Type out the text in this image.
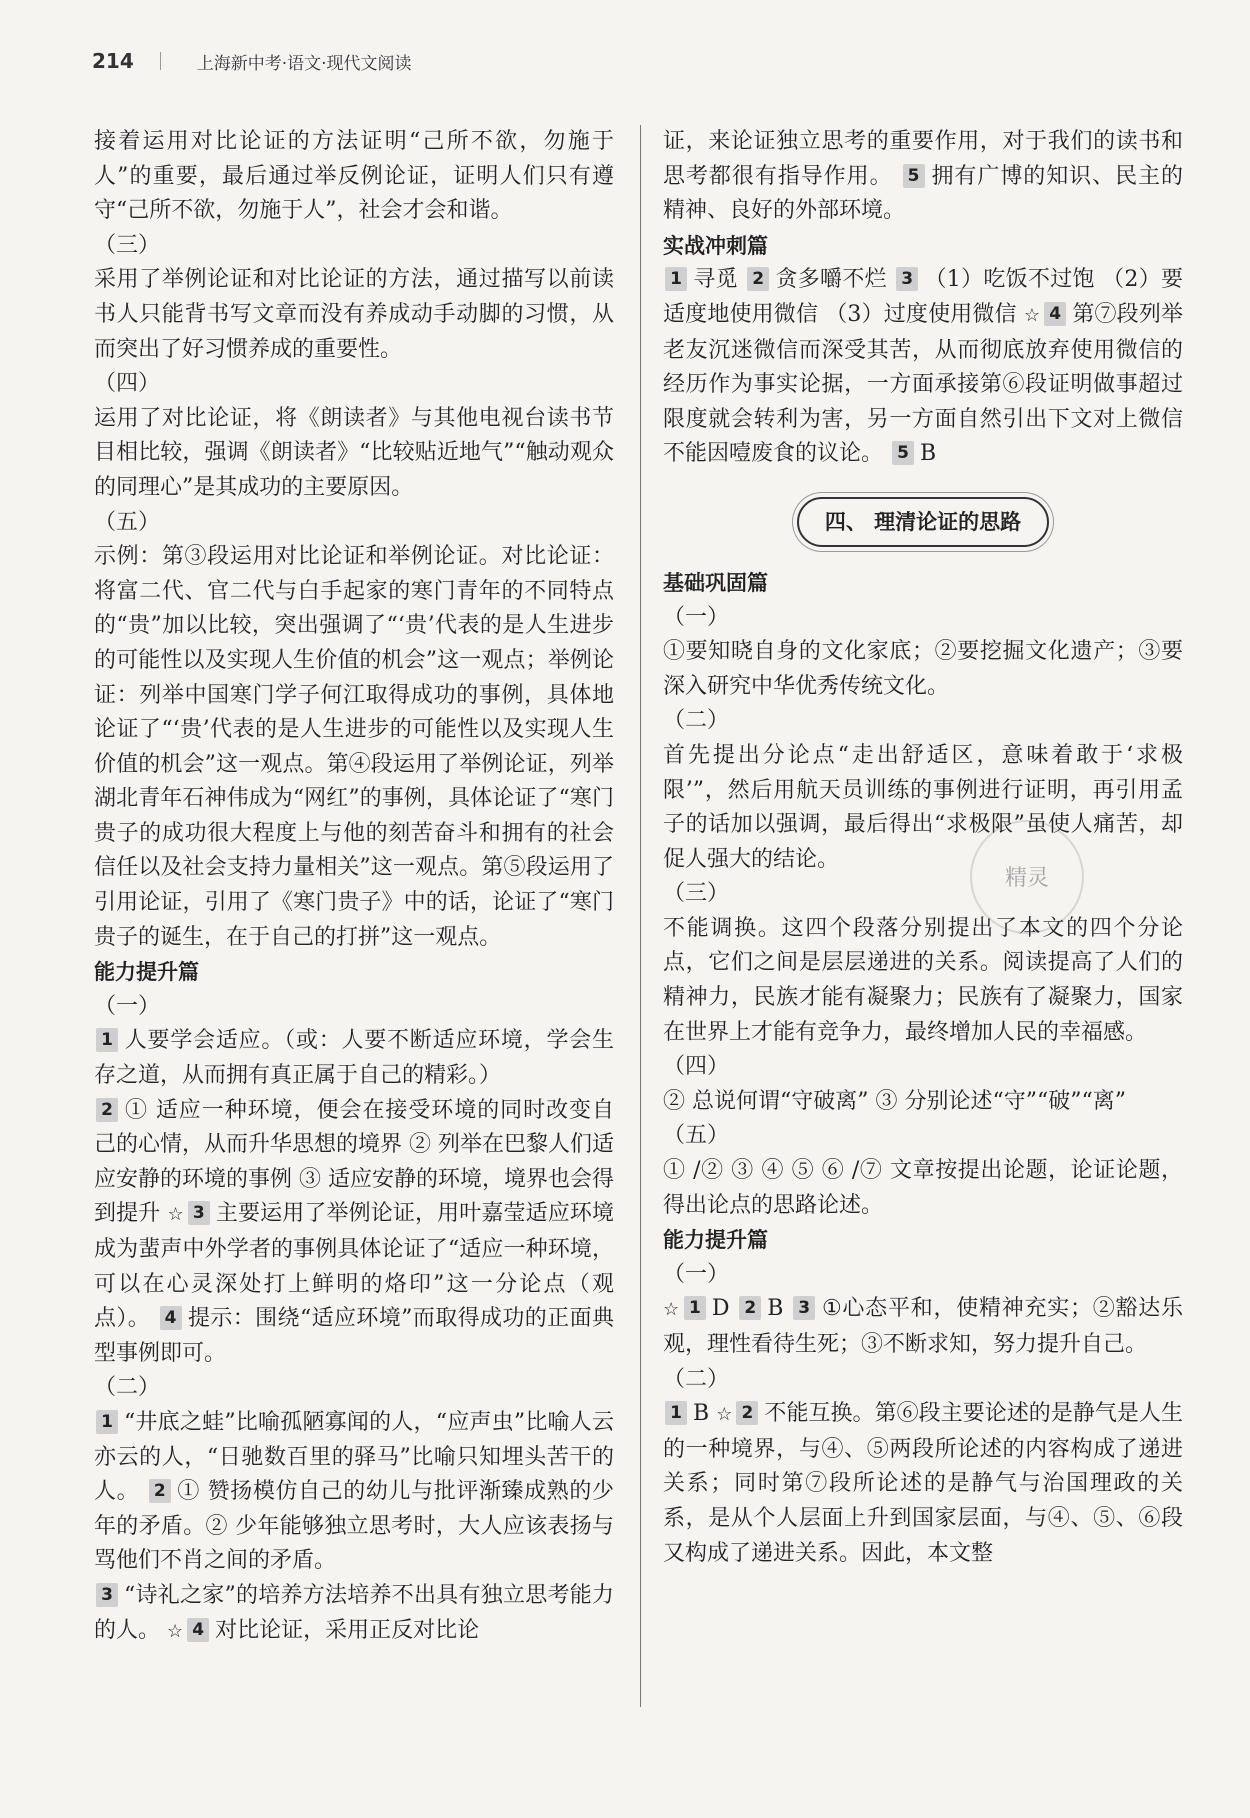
214	上海新中考·语文·现代文阅读

接着运用对比论证的方法证明“己所不欲，勿施于人”的重要，最后通过举反例论证，证明人们只有遵守“己所不欲，勿施于人”，社会才会和谐。

（三）

采用了举例论证和对比论证的方法，通过描写以前读书人只能背书写文章而没有养成动手动脚的习惯，从而突出了好习惯养成的重要性。

（四）

运用了对比论证，将《朗读者》与其他电视台读书节目相比较，强调《朗读者》“比较贴近地气”“触动观众的同理心”是其成功的主要原因。

（五）

示例：第③段运用对比论证和举例论证。对比论证：将富二代、官二代与白手起家的寒门青年的不同特点的“贵”加以比较，突出强调了“‘贵’代表的是人生进步的可能性以及实现人生价值的机会”这一观点；举例论证：列举中国寒门学子何江取得成功的事例，具体地论证了“‘贵’代表的是人生进步的可能性以及实现人生价值的机会”这一观点。第④段运用了举例论证，列举湖北青年石神伟成为“网红”的事例，具体论证了“寒门贵子的成功很大程度上与他的刻苦奋斗和拥有的社会信任以及社会支持力量相关”这一观点。第⑤段运用了引用论证，引用了《寒门贵子》中的话，论证了“寒门贵子的诞生，在于自己的打拼”这一观点。

能力提升篇

（一）

1 人要学会适应。（或：人要不断适应环境，学会生存之道，从而拥有真正属于自己的精彩。）

2 ① 适应一种环境，便会在接受环境的同时改变自己的心情，从而升华思想的境界 ② 列举在巴黎人们适应安静的环境的事例 ③ 适应安静的环境，境界也会得到提升 ☆ 3 主要运用了举例论证，用叶嘉莹适应环境成为蜚声中外学者的事例具体论证了“适应一种环境，可以在心灵深处打上鲜明的烙印”这一分论点（观点）。 4 提示：围绕“适应环境”而取得成功的正面典型事例即可。

（二）

1 “井底之蛙”比喻孤陋寡闻的人，“应声虫”比喻人云亦云的人，“日驰数百里的驿马”比喻只知埋头苦干的人。 2 ① 赞扬模仿自己的幼儿与批评渐臻成熟的少年的矛盾。② 少年能够独立思考时，大人应该表扬与骂他们不肖之间的矛盾。

3 “诗礼之家”的培养方法培养不出具有独立思考能力的人。 ☆ 4 对比论证，采用正反对比论

证，来论证独立思考的重要作用，对于我们的读书和思考都很有指导作用。 5 拥有广博的知识、民主的精神、良好的外部环境。

实战冲刺篇

1 寻觅 2 贪多嚼不烂 3 （1）吃饭不过饱 （2）要适度地使用微信 （3）过度使用微信 ☆ 4 第⑦段列举老友沉迷微信而深受其苦，从而彻底放弃使用微信的经历作为事实论据，一方面承接第⑥段证明做事超过限度就会转利为害，另一方面自然引出下文对上微信不能因噎废食的议论。 5 B

四、 理清论证的思路

基础巩固篇

（一）

①要知晓自身的文化家底；②要挖掘文化遗产；③要深入研究中华优秀传统文化。

（二）

首先提出分论点“走出舒适区，意味着敢于‘求极限’”，然后用航天员训练的事例进行证明，再引用孟子的话加以强调，最后得出“求极限”虽使人痛苦，却促人强大的结论。

（三）

不能调换。这四个段落分别提出了本文的四个分论点，它们之间是层层递进的关系。阅读提高了人们的精神力，民族才能有凝聚力；民族有了凝聚力，国家在世界上才能有竞争力，最终增加人民的幸福感。

（四）

② 总说何谓“守破离” ③ 分别论述“守”“破”“离”

（五）

① /② ③ ④ ⑤ ⑥ /⑦ 文章按提出论题，论证论题，得出论点的思路论述。

能力提升篇

（一）

☆ 1 D 2 B 3 ①心态平和，使精神充实；②豁达乐观，理性看待生死；③不断求知，努力提升自己。

（二）

1 B ☆ 2 不能互换。第⑥段主要论述的是静气是人生的一种境界，与④、⑤两段所论述的内容构成了递进关系；同时第⑦段所论述的是静气与治国理政的关系，是从个人层面上升到国家层面，与④、⑤、⑥段又构成了递进关系。因此，本文整

精灵
